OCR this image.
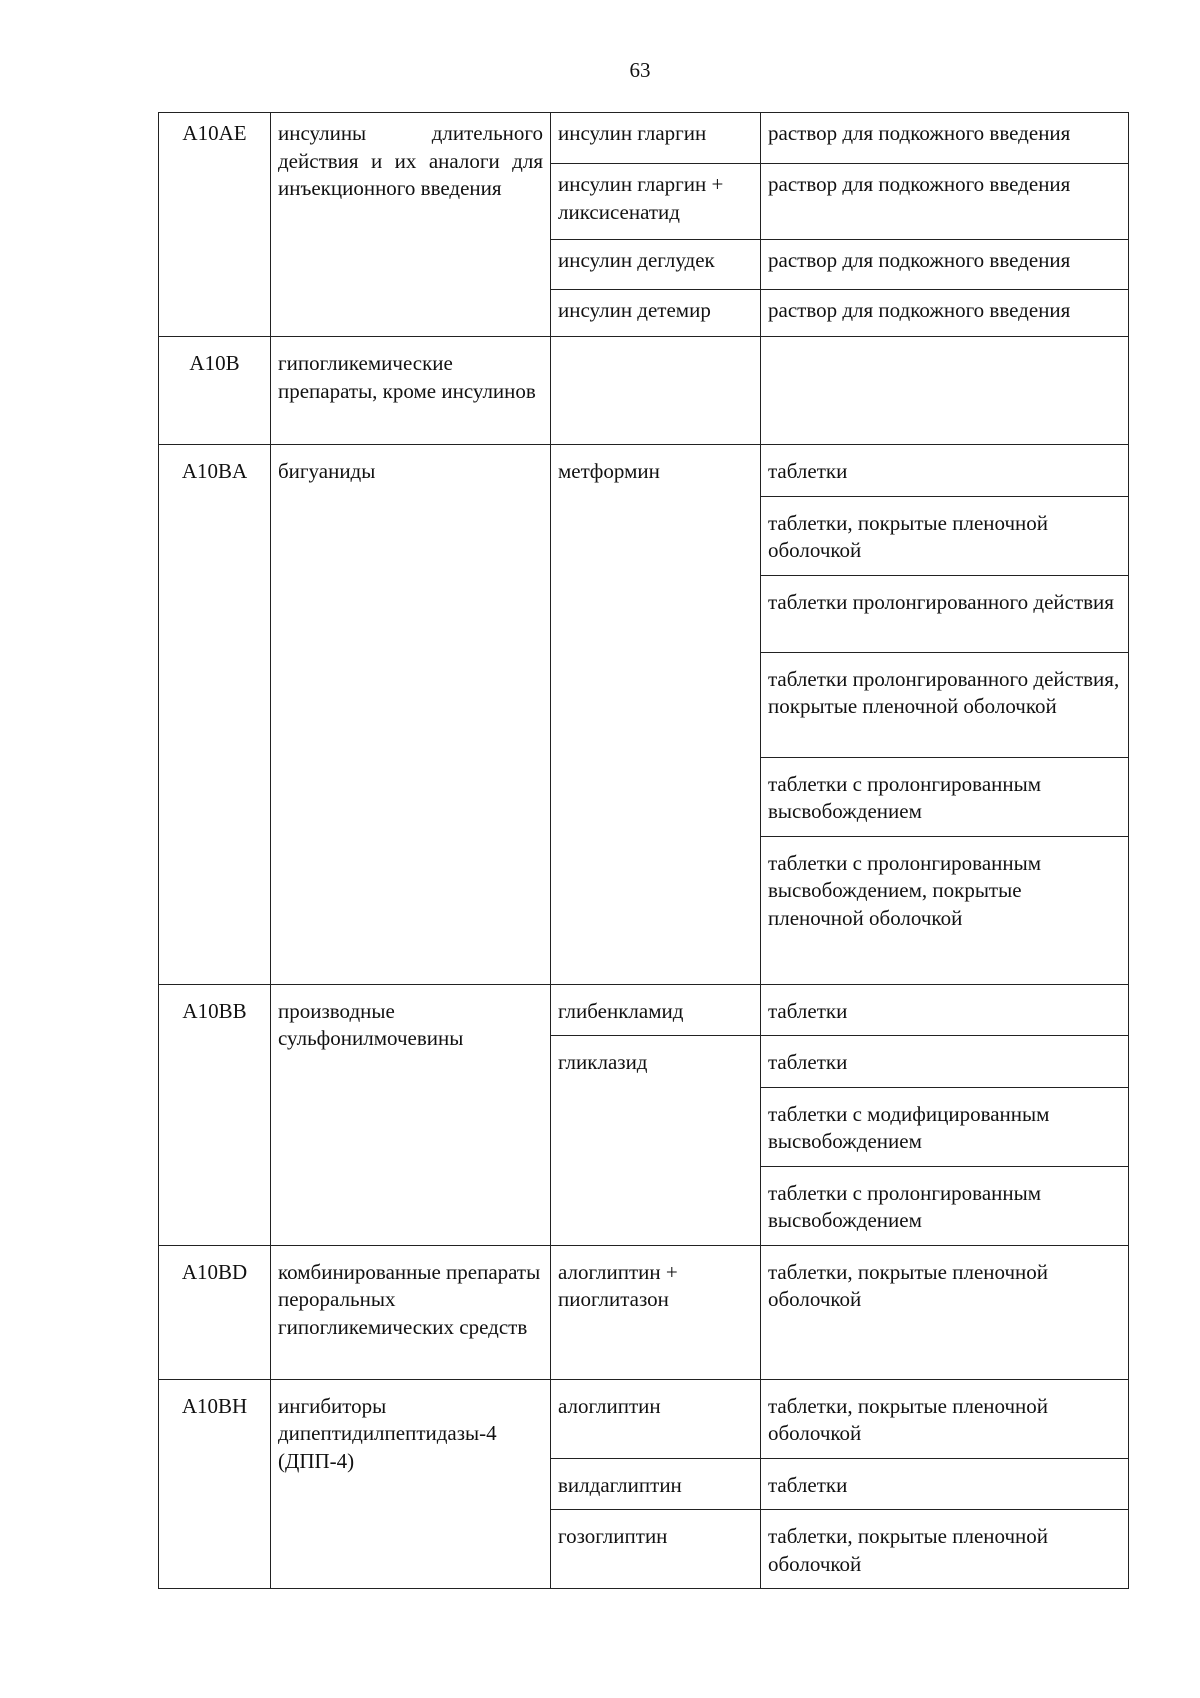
63
A10AE	инсулины длительного действия и их аналоги для инъекционного введения	инсулин гларгин	раствор для подкожного введения
		инсулин гларгин + ликсисенатид	раствор для подкожного введения
		инсулин деглудек	раствор для подкожного введения
		инсулин детемир	раствор для подкожного введения
A10B	гипогликемические препараты, кроме инсулинов		
A10BA	бигуаниды	метформин	таблетки
			таблетки, покрытые пленочной оболочкой
			таблетки пролонгированного действия
			таблетки пролонгированного действия, покрытые пленочной оболочкой
			таблетки с пролонгированным высвобождением
			таблетки с пролонгированным высвобождением, покрытые пленочной оболочкой
A10BB	производные сульфонилмочевины	глибенкламид	таблетки
		гликлазид	таблетки
			таблетки с модифицированным высвобождением
			таблетки с пролонгированным высвобождением
A10BD	комбинированные препараты пероральных гипогликемических средств	алоглиптин + пиоглитазон	таблетки, покрытые пленочной оболочкой
A10BH	ингибиторы дипептидилпептидазы-4 (ДПП-4)	алоглиптин	таблетки, покрытые пленочной оболочкой
		вилдаглиптин	таблетки
		гозоглиптин	таблетки, покрытые пленочной оболочкой
